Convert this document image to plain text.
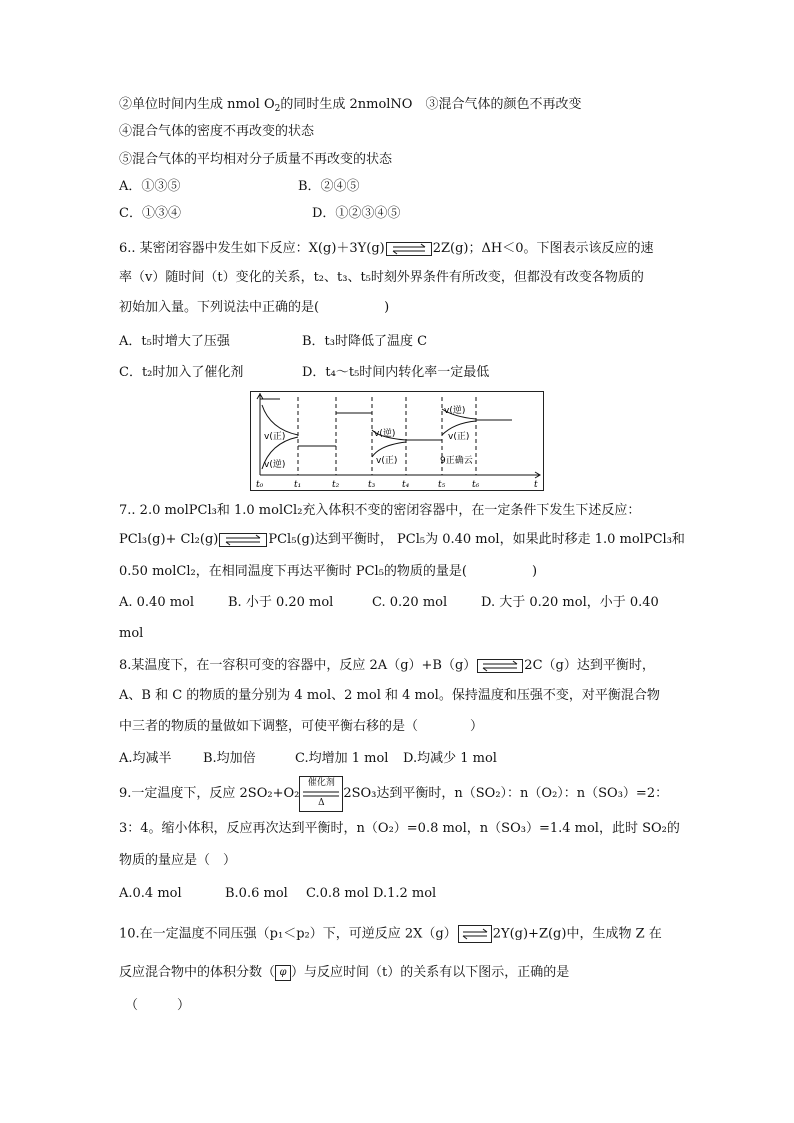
②单位时间内生成 nmol $O_2$的同时生成 2nmolNO　 ③混合气体的颜色不再改变
④混合气体的密度不再改变的状态
⑤混合气体的平均相对分子质量不再改变的状态
A．①③⑤	B．②④⑤
C．①③④	D．①②③④⑤
6.. 某密闭容器中发生如下反应：X(g)＋3Y(g)	2Z(g)；ΔH＜0。下图表示该反应的速
率（v）随时间（t）变化的关系，t₂、t₃、t₅时刻外界条件有所改变，但都没有改变各物质的
初始加入量。下列说法中正确的是(　　　　　)
A．t₅时增大了压强	B．t₃时降低了温度 C
C．t₂时加入了催化剂	D．t₄～t₅时间内转化率一定最低
v(正)
v(逆)
v(逆)
v(正)
v(逆)
v(正)
9正确云
t₀	t₁	t₂	t₃	t₄	t₅	t₆	t
7.. 2.0 molPCl₃和 1.0 molCl₂充入体积不变的密闭容器中，在一定条件下发生下述反应：
PCl₃(g)+ Cl₂(g)	PCl₅(g)达到平衡时， PCl₅为 0.40 mol，如果此时移走 1.0 molPCl₃和
0.50 molCl₂，在相同温度下再达平衡时 PCl₅的物质的量是(　　　　　)
A. 0.40 mol	B. 小于 0.20 mol	C. 0.20 mol	D. 大于 0.20 mol，小于 0.40
mol
8.某温度下，在一容积可变的容器中，反应 2A（g）+B（g）	2C（g）达到平衡时，
A、B 和 C 的物质的量分别为 4 mol、2 mol 和 4 mol。保持温度和压强不变，对平衡混合物
中三者的物质的量做如下调整，可使平衡右移的是（　　　　）
A.均减半 B.均加倍	C.均增加 1 mol D.均减少 1 mol
9.一定温度下，反应 2SO₂+O₂
催化剂
Δ
2SO₃达到平衡时，n（SO₂）：n（O₂）：n（SO₃）=2：
3：4。缩小体积，反应再次达到平衡时，n（O₂）=0.8 mol，n（SO₃）=1.4 mol，此时 SO₂的
物质的量应是（　）
A.0.4 mol	B.0.6 mol C.0.8 mol D.1.2 mol
10.在一定温度不同压强（p₁＜p₂）下，可逆反应 2X（g）	2Y(g)+Z(g)中，生成物 Z 在
反应混合物中的体积分数（ φ ）与反应时间（t）的关系有以下图示，正确的是
（　　　）
